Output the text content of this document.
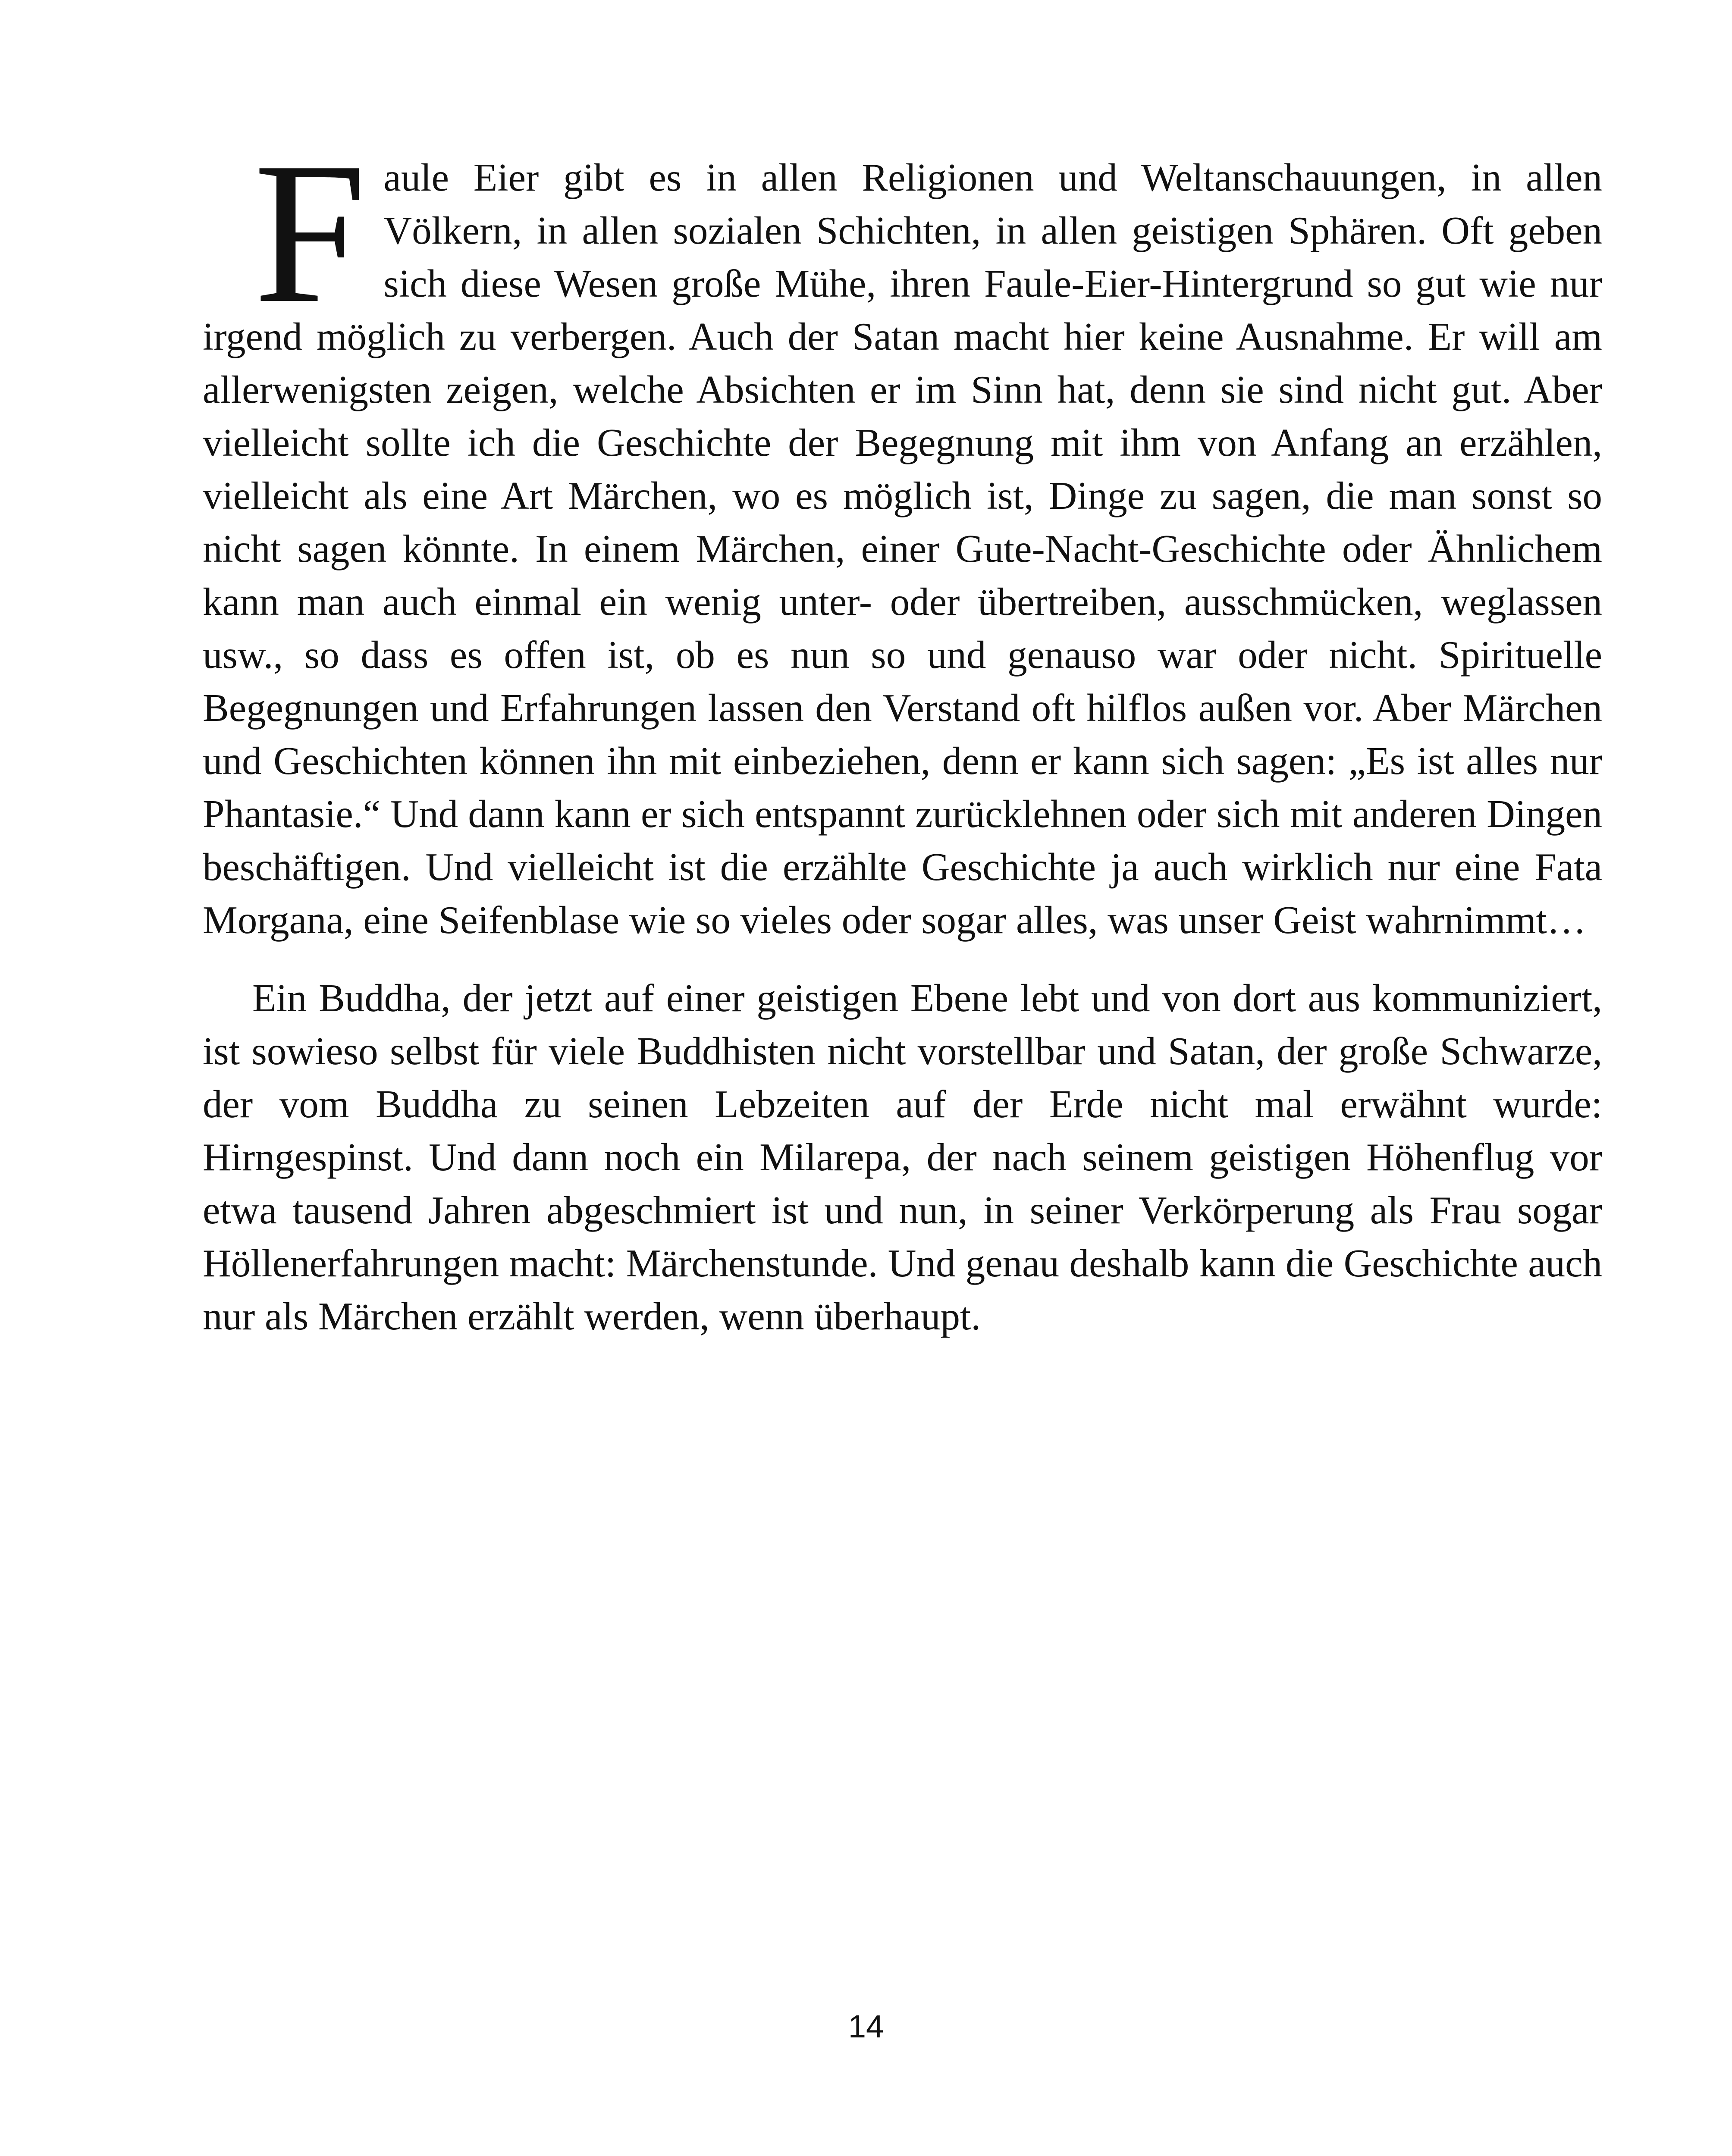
Faule Eier gibt es in allen Religionen und Weltanschauungen, in allen Völkern, in allen sozialen Schichten, in allen geistigen Sphären. Oft geben sich diese Wesen große Mühe, ihren Faule-Eier-Hintergrund so gut wie nur irgend möglich zu verbergen. Auch der Satan macht hier keine Ausnahme. Er will am allerwenigsten zeigen, welche Absichten er im Sinn hat, denn sie sind nicht gut. Aber vielleicht sollte ich die Geschichte der Begegnung mit ihm von Anfang an erzählen, vielleicht als eine Art Märchen, wo es möglich ist, Dinge zu sagen, die man sonst so nicht sagen könnte. In einem Märchen, einer Gute-Nacht-Geschichte oder Ähnlichem kann man auch einmal ein wenig unter- oder übertreiben, ausschmücken, weglassen usw., so dass es offen ist, ob es nun so und genauso war oder nicht. Spirituelle Begegnungen und Erfahrungen lassen den Verstand oft hilflos außen vor. Aber Märchen und Geschichten können ihn mit einbeziehen, denn er kann sich sagen: „Es ist alles nur Phantasie.“ Und dann kann er sich entspannt zurücklehnen oder sich mit anderen Dingen beschäftigen. Und vielleicht ist die erzählte Geschichte ja auch wirklich nur eine Fata Morgana, eine Seifenblase wie so vieles oder sogar alles, was unser Geist wahrnimmt…

Ein Buddha, der jetzt auf einer geistigen Ebene lebt und von dort aus kommuniziert, ist sowieso selbst für viele Buddhisten nicht vorstellbar und Satan, der große Schwarze, der vom Buddha zu seinen Lebzeiten auf der Erde nicht mal erwähnt wurde: Hirngespinst. Und dann noch ein Milarepa, der nach seinem geistigen Höhenflug vor etwa tausend Jahren abgeschmiert ist und nun, in seiner Verkörperung als Frau sogar Höllenerfahrungen macht: Märchenstunde. Und genau deshalb kann die Geschichte auch nur als Märchen erzählt werden, wenn überhaupt.

14
